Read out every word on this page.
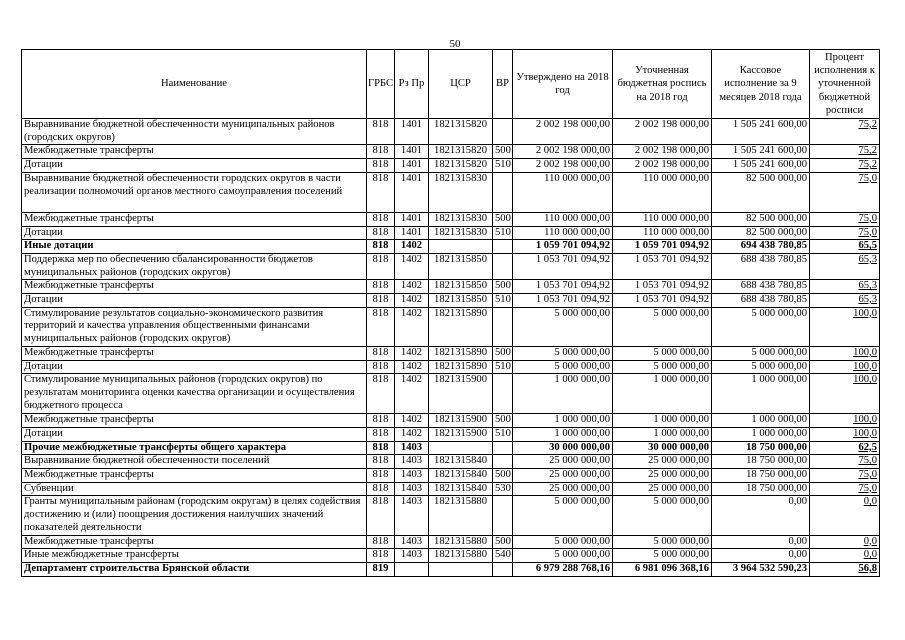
50
Наименование	ГРБС	Рз Пр	ЦСР	ВР	Утверждено на 2018 год	Уточненная бюджетная роспись на 2018 год	Кассовое исполнение за 9 месяцев 2018 года	Процент исполнения к уточненной бюджетной росписи
Выравнивание бюджетной обеспеченности муниципальных районов (городских округов)	818	1401	1821315820		2 002 198 000,00	2 002 198 000,00	1 505 241 600,00	75,2
Межбюджетные трансферты	818	1401	1821315820	500	2 002 198 000,00	2 002 198 000,00	1 505 241 600,00	75,2
Дотации	818	1401	1821315820	510	2 002 198 000,00	2 002 198 000,00	1 505 241 600,00	75,2
Выравнивание бюджетной обеспеченности городских округов в части реализации полномочий органов местного самоуправления поселений	818	1401	1821315830		110 000 000,00	110 000 000,00	82 500 000,00	75,0
Межбюджетные трансферты	818	1401	1821315830	500	110 000 000,00	110 000 000,00	82 500 000,00	75,0
Дотации	818	1401	1821315830	510	110 000 000,00	110 000 000,00	82 500 000,00	75,0
Иные дотации	818	1402			1 059 701 094,92	1 059 701 094,92	694 438 780,85	65,5
Поддержка мер по обеспечению сбалансированности бюджетов муниципальных районов (городских округов)	818	1402	1821315850		1 053 701 094,92	1 053 701 094,92	688 438 780,85	65,3
Межбюджетные трансферты	818	1402	1821315850	500	1 053 701 094,92	1 053 701 094,92	688 438 780,85	65,3
Дотации	818	1402	1821315850	510	1 053 701 094,92	1 053 701 094,92	688 438 780,85	65,3
Стимулирование результатов социально-экономического развития территорий и качества управления общественными финансами муниципальных районов (городских округов)	818	1402	1821315890		5 000 000,00	5 000 000,00	5 000 000,00	100,0
Межбюджетные трансферты	818	1402	1821315890	500	5 000 000,00	5 000 000,00	5 000 000,00	100,0
Дотации	818	1402	1821315890	510	5 000 000,00	5 000 000,00	5 000 000,00	100,0
Стимулирование муниципальных районов (городских округов) по результатам мониторинга оценки качества организации и осуществления бюджетного процесса	818	1402	1821315900		1 000 000,00	1 000 000,00	1 000 000,00	100,0
Межбюджетные трансферты	818	1402	1821315900	500	1 000 000,00	1 000 000,00	1 000 000,00	100,0
Дотации	818	1402	1821315900	510	1 000 000,00	1 000 000,00	1 000 000,00	100,0
Прочие межбюджетные трансферты общего характера	818	1403			30 000 000,00	30 000 000,00	18 750 000,00	62,5
Выравнивание бюджетной обеспеченности поселений	818	1403	1821315840		25 000 000,00	25 000 000,00	18 750 000,00	75,0
Межбюджетные трансферты	818	1403	1821315840	500	25 000 000,00	25 000 000,00	18 750 000,00	75,0
Субвенции	818	1403	1821315840	530	25 000 000,00	25 000 000,00	18 750 000,00	75,0
Гранты муниципальным районам (городским округам) в целях содействия достижению и (или) поощрения достижения наилучших значений показателей деятельности	818	1403	1821315880		5 000 000,00	5 000 000,00	0,00	0,0
Межбюджетные трансферты	818	1403	1821315880	500	5 000 000,00	5 000 000,00	0,00	0,0
Иные межбюджетные трансферты	818	1403	1821315880	540	5 000 000,00	5 000 000,00	0,00	0,0
Департамент строительства Брянской области	819				6 979 288 768,16	6 981 096 368,16	3 964 532 590,23	56,8
